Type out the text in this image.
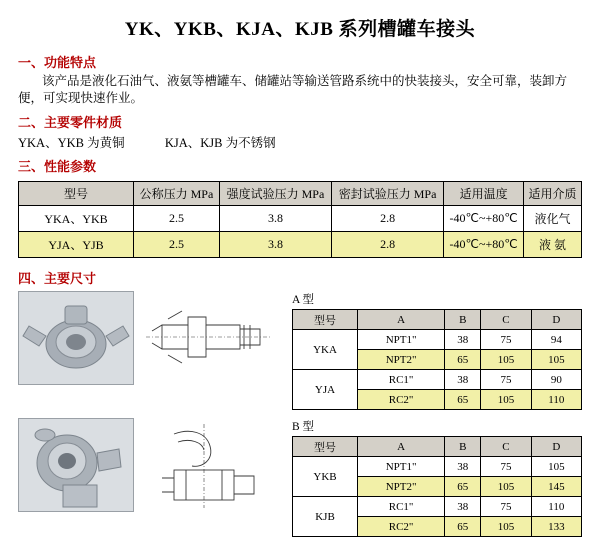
YK、YKB、KJA、KJB 系列槽罐车接头
一、功能特点
该产品是液化石油气、液氨等槽罐车、储罐站等输送管路系统中的快装接头，安全可靠，装卸方便，可实现快速作业。
二、主要零件材质
YKA、YKB 为黄铜	KJA、KJB 为不锈钢
三、性能参数
型号	公称压力 MPa	强度试验压力 MPa	密封试验压力 MPa	适用温度	适用介质
YKA、YKB	2.5	3.8	2.8	-40℃~+80℃	液化气
YJA、YJB	2.5	3.8	2.8	-40℃~+80℃	液 氨
四、主要尺寸

A 型
型号	A	B	C	D
YKA	NPT1"	38	75	94
	NPT2"	65	105	105
YJA	RC1"	38	75	90
	RC2"	65	105	110

B 型
型号	A	B	C	D
YKB	NPT1"	38	75	105
	NPT2"	65	105	145
KJB	RC1"	38	75	110
	RC2"	65	105	133
